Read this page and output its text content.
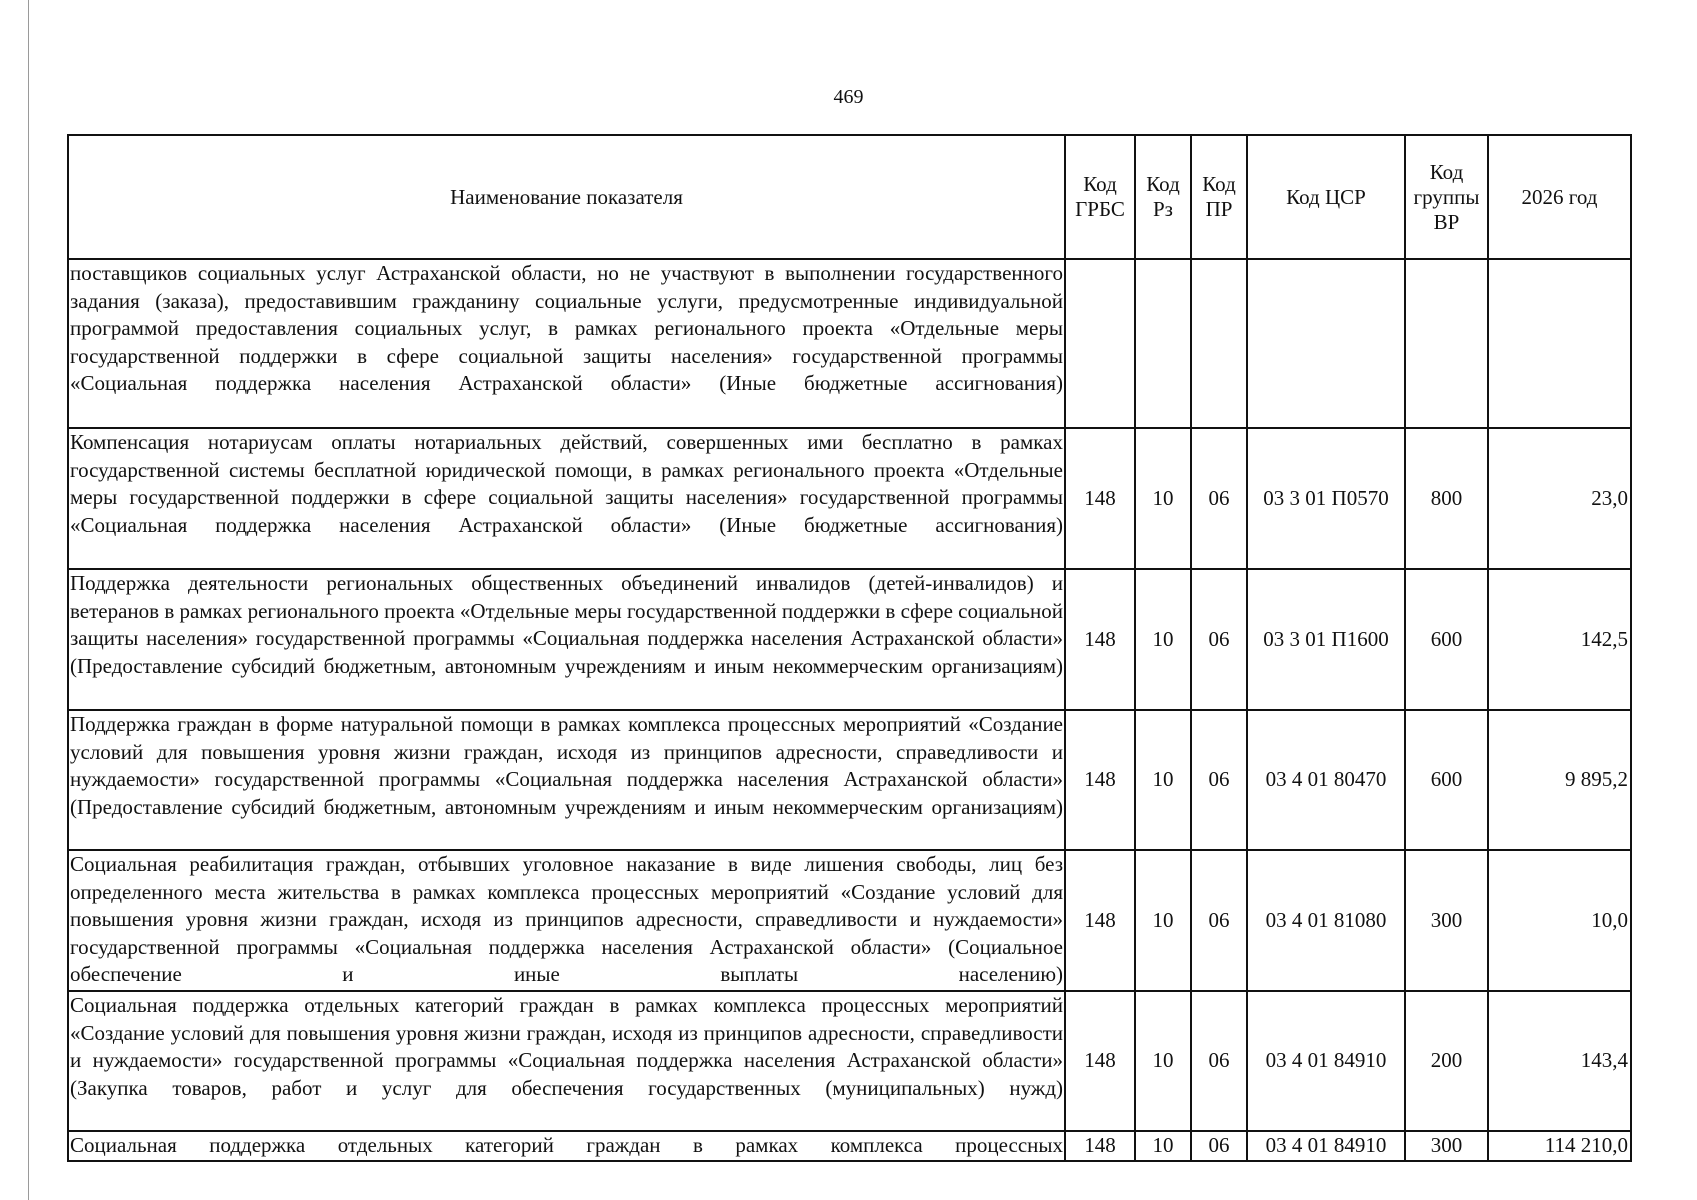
469
Наименование показателя	Код ГРБС	Код Рз	Код ПР	Код ЦСР	Код группы ВР	2026 год
поставщиков социальных услуг Астраханской области, но не участвуют в выполнении государственного задания (заказа), предоставившим гражданину социальные услуги, предусмотренные индивидуальной программой предоставления социальных услуг, в рамках регионального проекта «Отдельные меры государственной поддержки в сфере социальной защиты населения» государственной программы «Социальная поддержка населения Астраханской области» (Иные бюджетные ассигнования)						
Компенсация нотариусам оплаты нотариальных действий, совершенных ими бесплатно в рамках государственной системы бесплатной юридической помощи, в рамках регионального проекта «Отдельные меры государственной поддержки в сфере социальной защиты населения» государственной программы «Социальная поддержка населения Астраханской области» (Иные бюджетные ассигнования)	148	10	06	03 3 01 П0570	800	23,0
Поддержка деятельности региональных общественных объединений инвалидов (детей-инвалидов) и ветеранов в рамках регионального проекта «Отдельные меры государственной поддержки в сфере социальной защиты населения» государственной программы «Социальная поддержка населения Астраханской области» (Предоставление субсидий бюджетным, автономным учреждениям и иным некоммерческим организациям)	148	10	06	03 3 01 П1600	600	142,5
Поддержка граждан в форме натуральной помощи в рамках комплекса процессных мероприятий «Создание условий для повышения уровня жизни граждан, исходя из принципов адресности, справедливости и нуждаемости» государственной программы «Социальная поддержка населения Астраханской области» (Предоставление субсидий бюджетным, автономным учреждениям и иным некоммерческим организациям)	148	10	06	03 4 01 80470	600	9 895,2
Социальная реабилитация граждан, отбывших уголовное наказание в виде лишения свободы, лиц без определенного места жительства в рамках комплекса процессных мероприятий «Создание условий для повышения уровня жизни граждан, исходя из принципов адресности, справедливости и нуждаемости» государственной программы «Социальная поддержка населения Астраханской области» (Социальное обеспечение и иные выплаты населению)	148	10	06	03 4 01 81080	300	10,0
Социальная поддержка отдельных категорий граждан в рамках комплекса процессных мероприятий «Создание условий для повышения уровня жизни граждан, исходя из принципов адресности, справедливости и нуждаемости» государственной программы «Социальная поддержка населения Астраханской области» (Закупка товаров, работ и услуг для обеспечения государственных (муниципальных) нужд)	148	10	06	03 4 01 84910	200	143,4
Социальная поддержка отдельных категорий граждан в рамках комплекса процессных	148	10	06	03 4 01 84910	300	114 210,0
